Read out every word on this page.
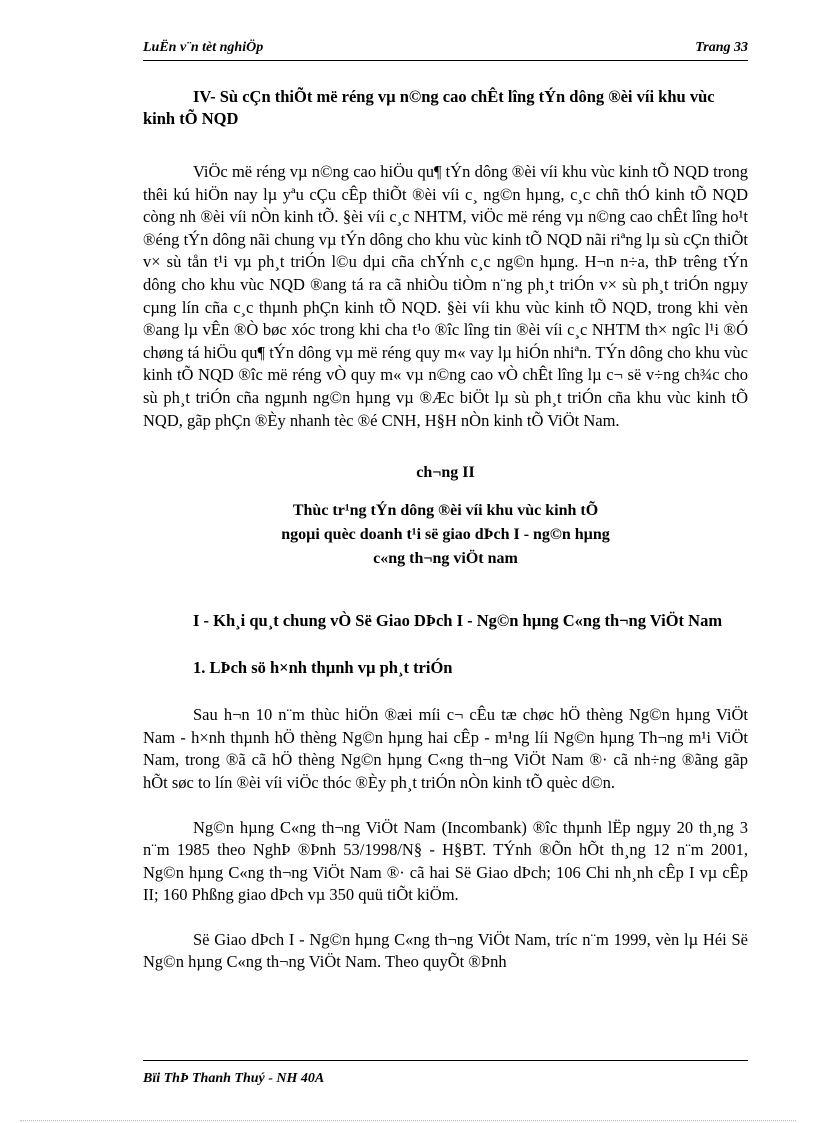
LuËn v¨n tèt nghiÖp	Trang 33

IV- Sù cÇn thiÕt më réng vµ n©ng cao chÊt lîng tÝn dông ®èi víi khu vùc kinh tÕ NQD

ViÖc më réng vµ n©ng cao hiÖu qu¶ tÝn dông ®èi víi khu vùc kinh tÕ NQD trong thêi kú hiÖn nay lµ yªu cÇu cÊp thiÕt ®èi víi c¸ ng©n hµng, c¸c chñ thÓ kinh tÕ NQD còng nh ®èi víi nÒn kinh tÕ. §èi víi c¸c NHTM, viÖc më réng vµ n©ng cao chÊt lîng ho¹t ®éng tÝn dông nãi chung vµ tÝn dông cho khu vùc kinh tÕ NQD nãi riªng lµ sù cÇn thiÕt v× sù tån t¹i vµ ph¸t triÓn l©u dµi cña chÝnh c¸c ng©n hµng. H¬n n÷a, thÞ trêng tÝn dông cho khu vùc NQD ®ang tá ra cã nhiÒu tiÒm n¨ng ph¸t triÓn v× sù ph¸t triÓn ngµy cµng lín cña c¸c thµnh phÇn kinh tÕ NQD. §èi víi khu vùc kinh tÕ NQD, trong khi vèn ®ang lµ vÊn ®Ò bøc xóc trong khi cha t¹o ®îc lîng tin ®èi víi c¸c NHTM th× ngîc l¹i ®Ó chøng tá hiÖu qu¶ tÝn dông vµ më réng quy m« vay lµ hiÓn nhiªn. TÝn dông cho khu vùc kinh tÕ NQD ®îc më réng vÒ quy m« vµ n©ng cao vÒ chÊt lîng lµ c¬ së v÷ng ch¾c cho sù ph¸t triÓn cña ngµnh ng©n hµng vµ ®Æc biÖt lµ sù ph¸t triÓn cña khu vùc kinh tÕ NQD, gãp phÇn ®Èy nhanh tèc ®é CNH, H§H nÒn kinh tÕ ViÖt Nam.

ch¬ng II

Thùc tr¹ng tÝn dông ®èi víi khu vùc kinh tÕ

ngoµi quèc doanh t¹i së giao dÞch I - ng©n hµng

c«ng th¬ng viÖt nam

I - Kh¸i qu¸t chung vÒ Së Giao DÞch I - Ng©n hµng C«ng th¬ng ViÖt Nam

1. LÞch sö h×nh thµnh vµ ph¸t triÓn

Sau h¬n 10 n¨m thùc hiÖn ®æi míi c¬ cÊu tæ chøc hÖ thèng Ng©n hµng ViÖt Nam - h×nh thµnh hÖ thèng Ng©n hµng hai cÊp - m¹ng líi Ng©n hµng Th¬ng m¹i ViÖt Nam, trong ®ã cã hÖ thèng Ng©n hµng C«ng th¬ng ViÖt Nam ®· cã nh÷ng ®ãng gãp hÕt søc to lín ®èi víi viÖc thóc ®Èy ph¸t triÓn nÒn kinh tÕ quèc d©n.

Ng©n hµng C«ng th¬ng ViÖt Nam (Incombank) ®îc thµnh lËp ngµy 20 th¸ng 3 n¨m 1985 theo NghÞ ®Þnh 53/1998/N§ - H§BT. TÝnh ®Õn hÕt th¸ng 12 n¨m 2001, Ng©n hµng C«ng th¬ng ViÖt Nam ®· cã hai Së Giao dÞch; 106 Chi nh¸nh cÊp I vµ cÊp II; 160 Phßng giao dÞch vµ 350 quü tiÕt kiÖm.

Së Giao dÞch I - Ng©n hµng C«ng th¬ng ViÖt Nam, tríc n¨m 1999, vèn lµ Héi Së Ng©n hµng C«ng th¬ng ViÖt Nam. Theo quyÕt ®Þnh

Bïi ThÞ Thanh Thuý - NH 40A
